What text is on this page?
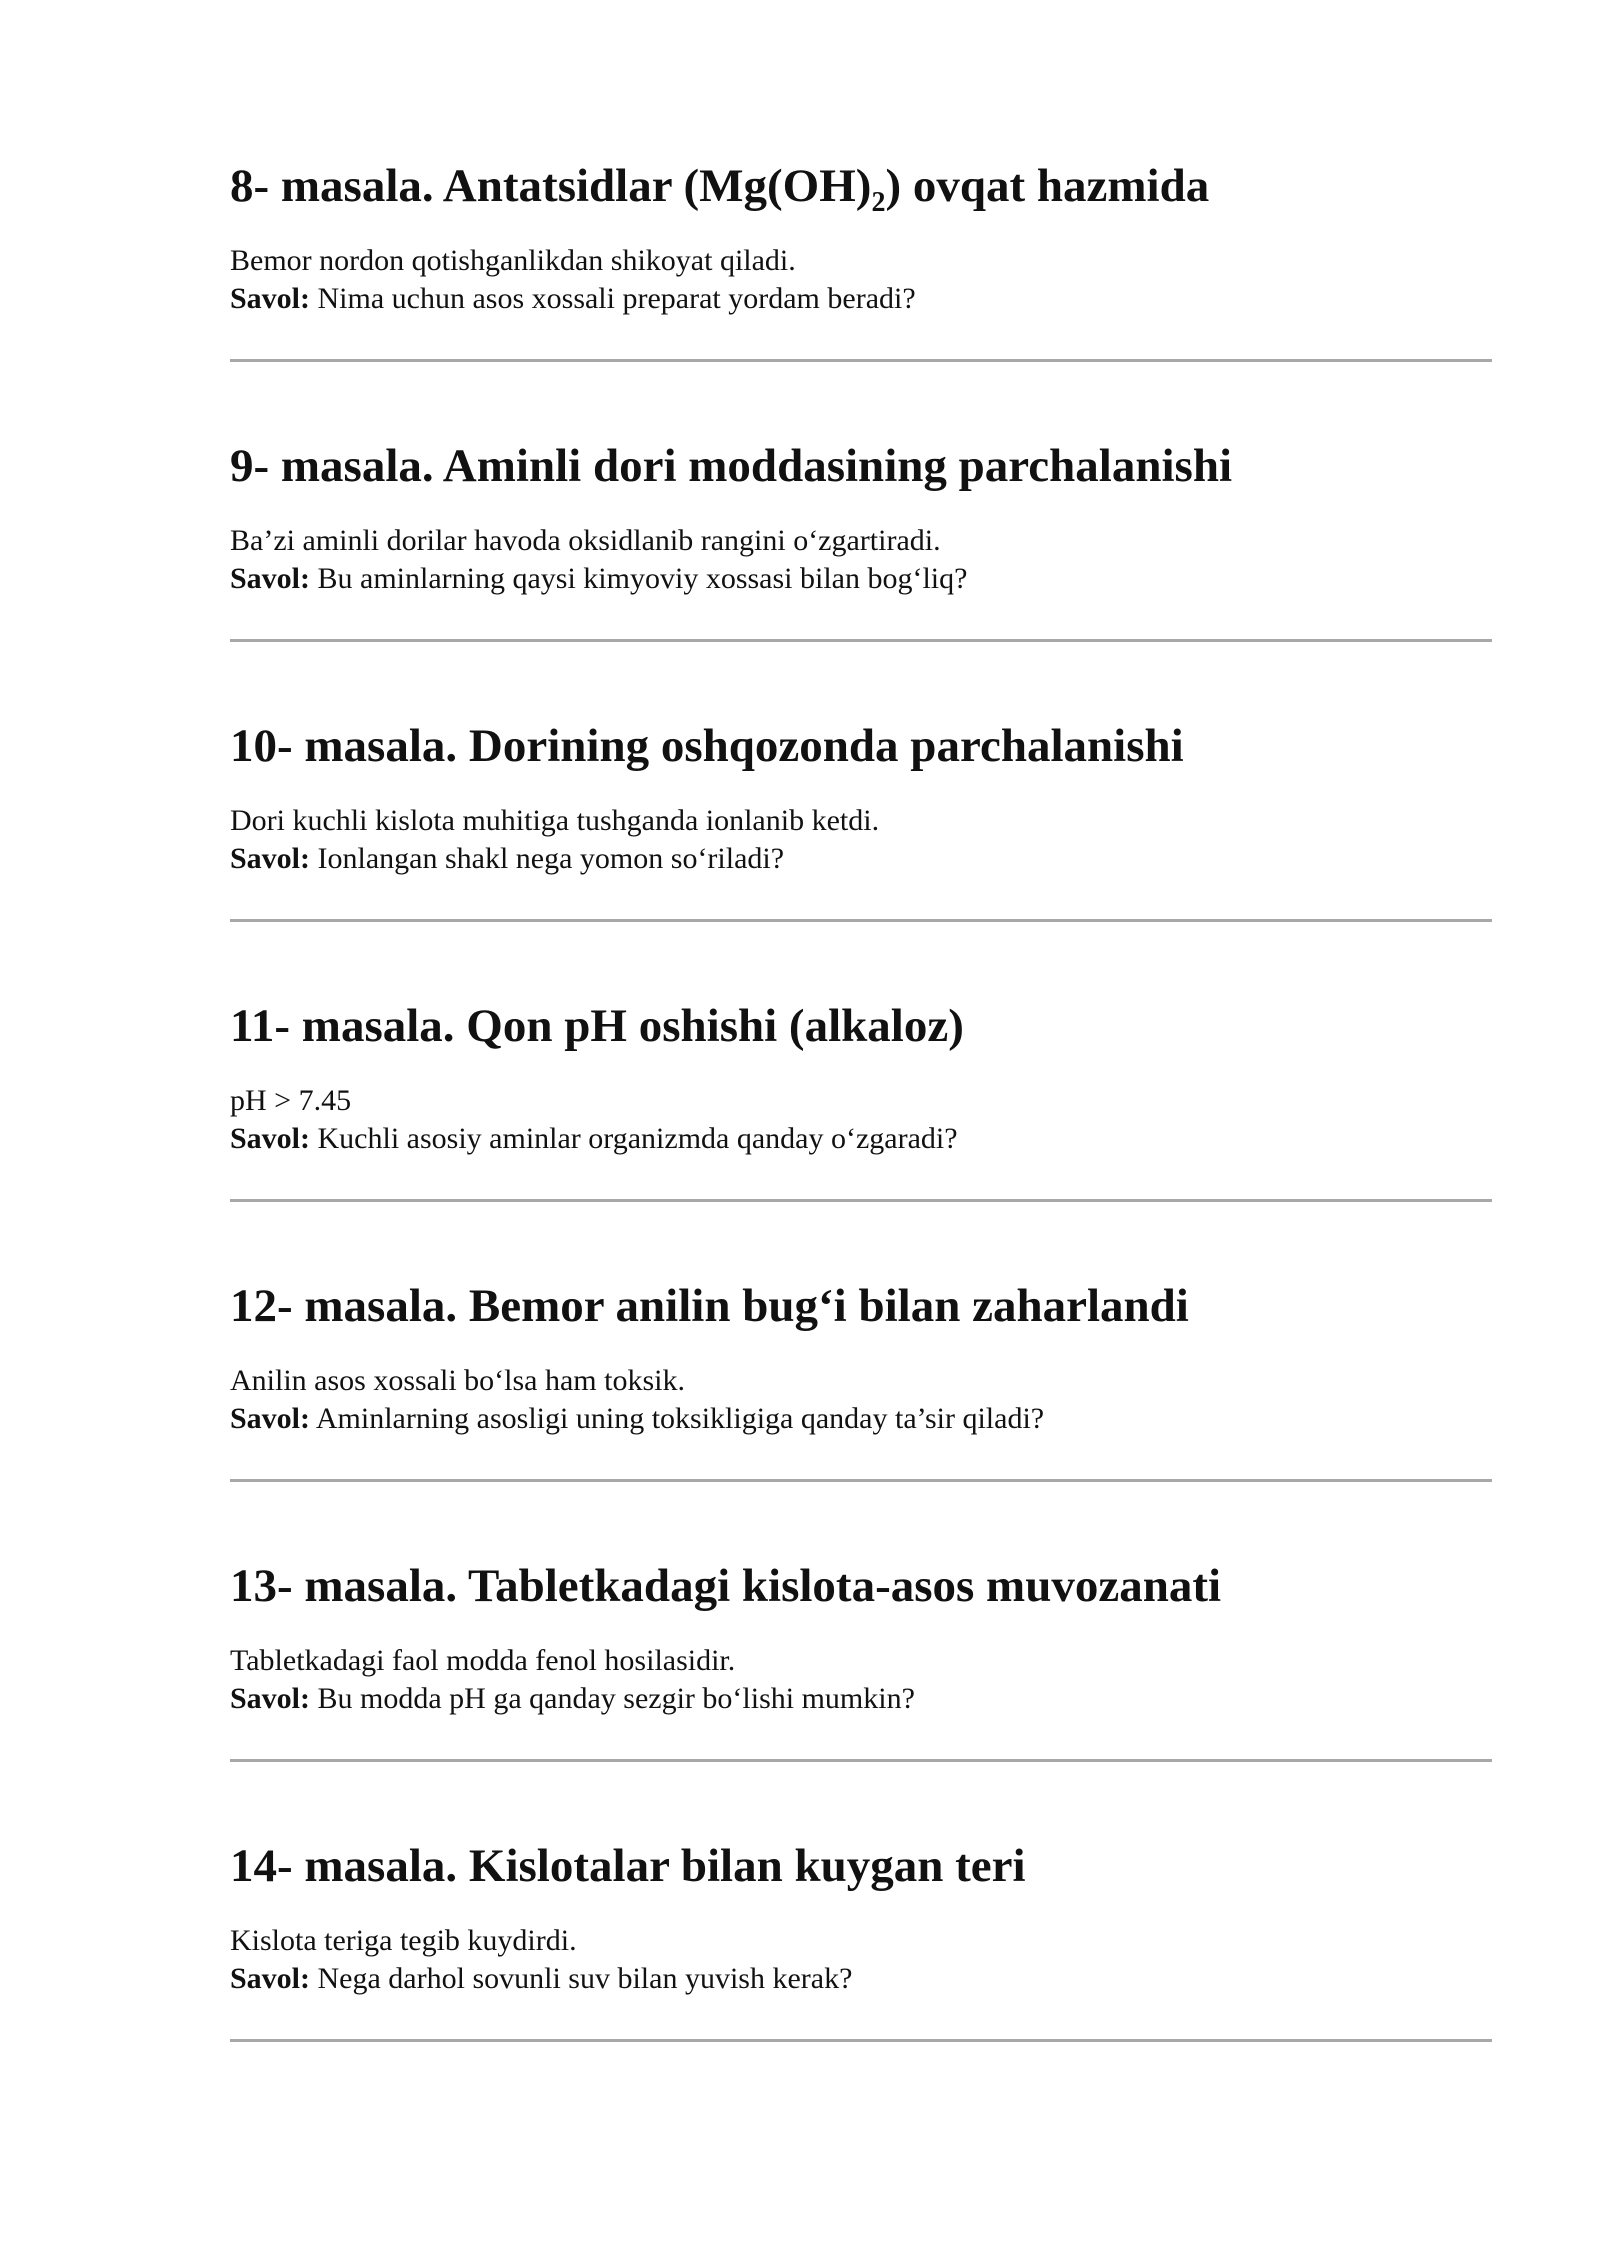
8- masala. Antatsidlar $(Mg(OH)_2)$ ovqat hazmida

Bemor nordon qotishganlikdan shikoyat qiladi.

Savol: Nima uchun asos xossali preparat yordam beradi?

9- masala. Aminli dori moddasining parchalanishi

Ba’zi aminli dorilar havoda oksidlanib rangini o‘zgartiradi.

Savol: Bu aminlarning qaysi kimyoviy xossasi bilan bog‘liq?

10- masala. Dorining oshqozonda parchalanishi

Dori kuchli kislota muhitiga tushganda ionlanib ketdi.

Savol: Ionlangan shakl nega yomon so‘riladi?

11- masala. Qon pH oshishi (alkaloz)

pH > 7.45

Savol: Kuchli asosiy aminlar organizmda qanday o‘zgaradi?

12- masala. Bemor anilin bug‘i bilan zaharlandi

Anilin asos xossali bo‘lsa ham toksik.

Savol: Aminlarning asosligi uning toksikligiga qanday ta’sir qiladi?

13- masala. Tabletkadagi kislota-asos muvozanati

Tabletkadagi faol modda fenol hosilasidir.

Savol: Bu modda pH ga qanday sezgir bo‘lishi mumkin?

14- masala. Kislotalar bilan kuygan teri

Kislota teriga tegib kuydirdi.

Savol: Nega darhol sovunli suv bilan yuvish kerak?
